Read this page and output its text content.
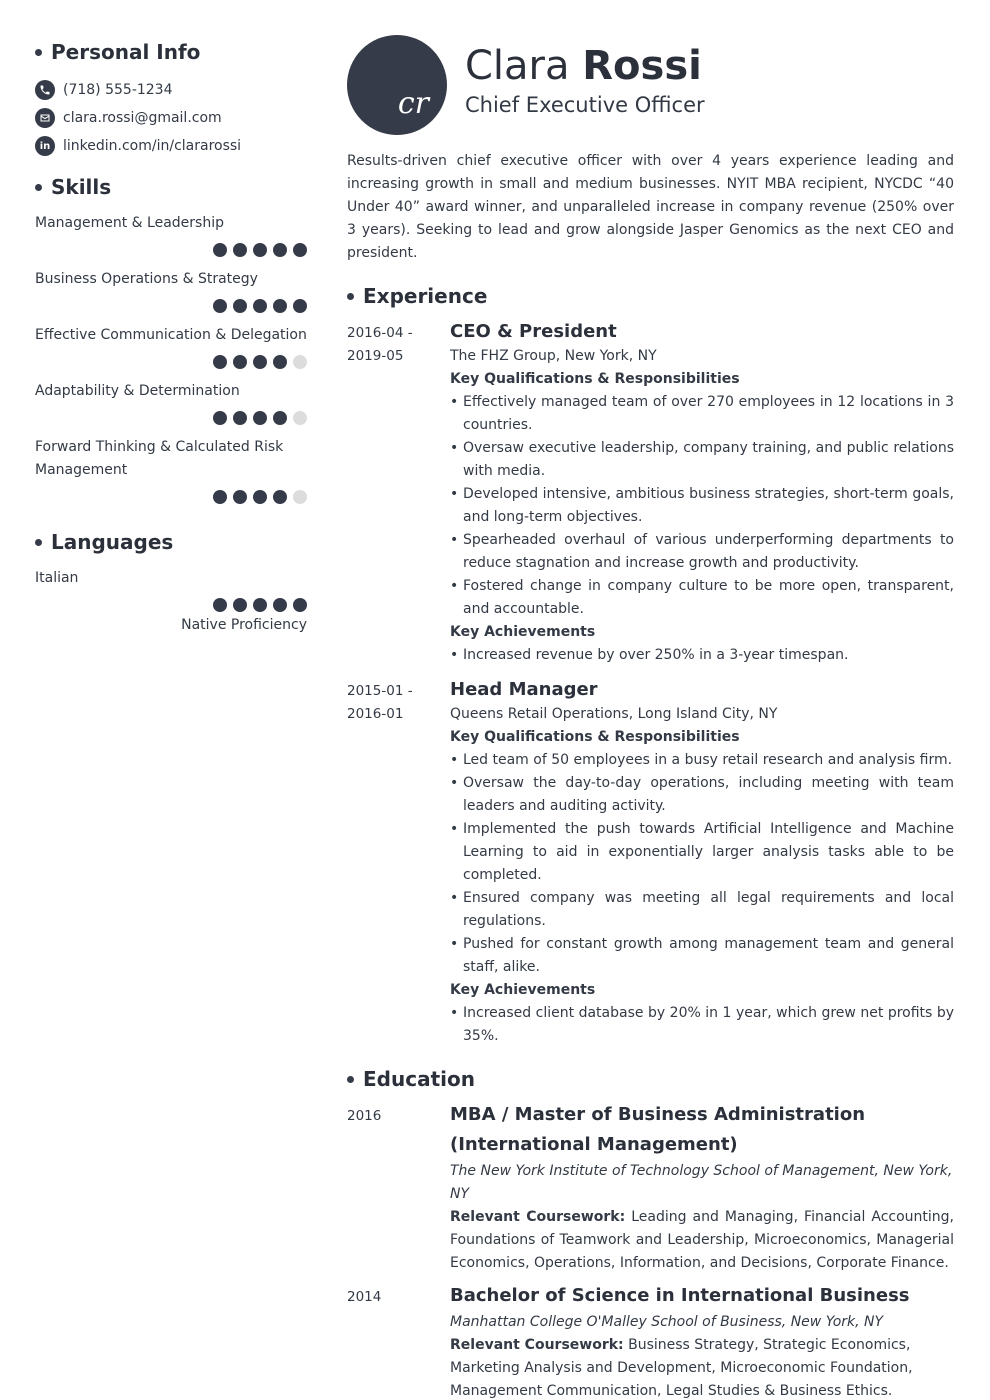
Personal Info
(718) 555-1234
clara.rossi@gmail.com
in linkedin.com/in/clararossi
Skills
Management & Leadership
Business Operations & Strategy
Effective Communication & Delegation
Adaptability & Determination
Forward Thinking & Calculated Risk Management
Languages
Italian
Native Proficiency
cr
Clara Rossi
Chief Executive Officer
Results-driven chief executive officer with over 4 years experience leading and increasing growth in small and medium businesses. NYIT MBA recipient, NYCDC “40 Under 40” award winner, and unparalleled increase in company revenue (250% over 3 years). Seeking to lead and grow alongside Jasper Genomics as the next CEO and president.
Experience
2016-04 -
2019-05
CEO & President
The FHZ Group, New York, NY
Key Qualifications & Responsibilities
• Effectively managed team of over 270 employees in 12 locations in 3 countries.
• Oversaw executive leadership, company training, and public relations with media.
• Developed intensive, ambitious business strategies, short-term goals, and long-term objectives.
• Spearheaded overhaul of various underperforming departments to reduce stagnation and increase growth and productivity.
• Fostered change in company culture to be more open, transparent, and accountable.
Key Achievements
• Increased revenue by over 250% in a 3-year timespan.
2015-01 -
2016-01
Head Manager
Queens Retail Operations, Long Island City, NY
Key Qualifications & Responsibilities
• Led team of 50 employees in a busy retail research and analysis firm.
• Oversaw the day-to-day operations, including meeting with team leaders and auditing activity.
• Implemented the push towards Artificial Intelligence and Machine Learning to aid in exponentially larger analysis tasks able to be completed.
• Ensured company was meeting all legal requirements and local regulations.
• Pushed for constant growth among management team and general staff, alike.
Key Achievements
• Increased client database by 20% in 1 year, which grew net profits by 35%.
Education
2016	MBA / Master of Business Administration (International Management)
The New York Institute of Technology School of Management, New York, NY
Relevant Coursework: Leading and Managing, Financial Accounting, Foundations of Teamwork and Leadership, Microeconomics, Managerial Economics, Operations, Information, and Decisions, Corporate Finance.
2014	Bachelor of Science in International Business
Manhattan College O'Malley School of Business, New York, NY
Relevant Coursework: Business Strategy, Strategic Economics, Marketing Analysis and Development, Microeconomic Foundation, Management Communication, Legal Studies & Business Ethics.
